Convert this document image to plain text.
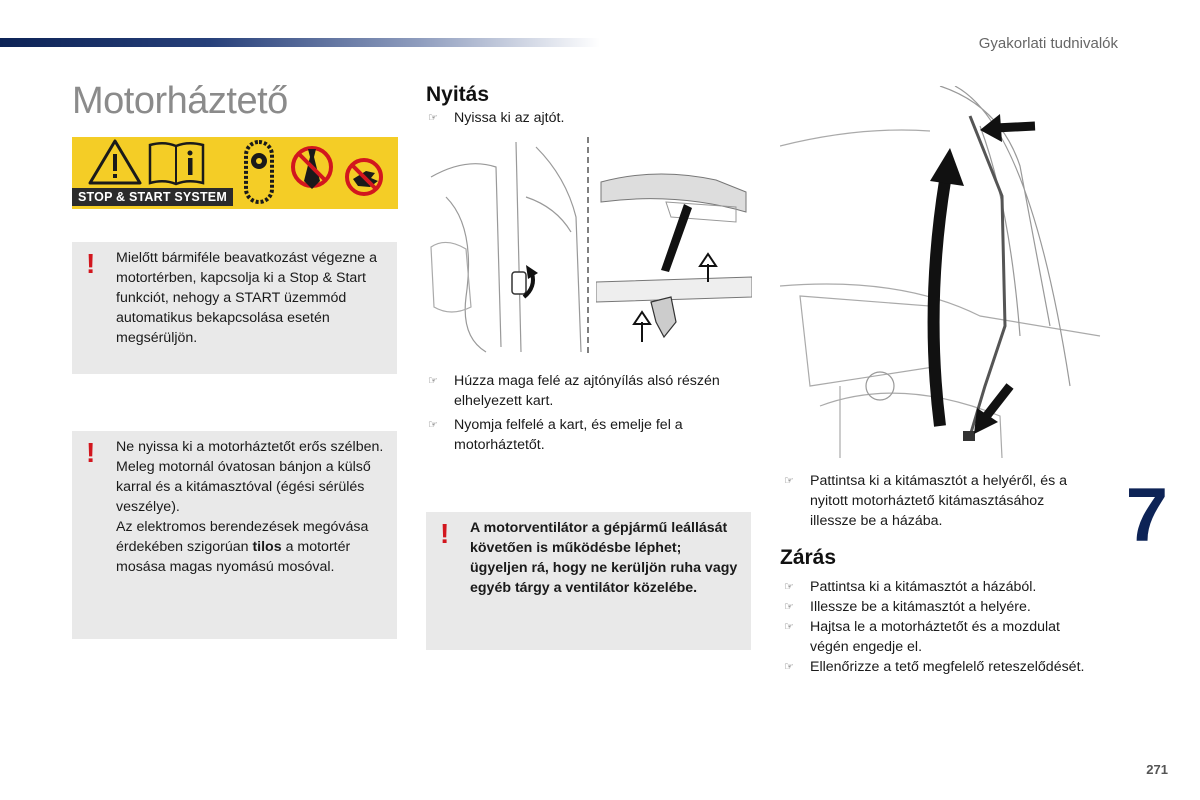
Gyakorlati tudnivalók
Motorháztető
STOP & START SYSTEM
! Mielőtt bármiféle beavatkozást végezne a motortérben, kapcsolja ki a Stop & Start funkciót, nehogy a START üzemmód automatikus bekapcsolása esetén megsérüljön.
! Ne nyissa ki a motorháztetőt erős szélben.

Meleg motornál óvatosan bánjon a külső karral és a kitámasztóval (égési sérülés veszélye).

Az elektromos berendezések megóvása érdekében szigorúan tilos a motortér mosása magas nyomású mosóval.

Nyitás
☞ Nyissa ki az ajtót.
☞ Húzza maga felé az ajtónyílás alsó részén elhelyezett kart.
☞ Nyomja felfelé a kart, és emelje fel a motorháztetőt.
! A motorventilátor a gépjármű leállását követően is működésbe léphet; ügyeljen rá, hogy ne kerüljön ruha vagy egyéb tárgy a ventilátor közelébe.
☞ Pattintsa ki a kitámasztót a helyéről, és a nyitott motorháztető kitámasztásához illessze be a házába.
Zárás
☞ Pattintsa ki a kitámasztót a házából.
☞ Illessze be a kitámasztót a helyére.
☞ Hajtsa le a motorháztetőt és a mozdulat végén engedje el.
☞ Ellenőrizze a tető megfelelő reteszelődését.
7
271
